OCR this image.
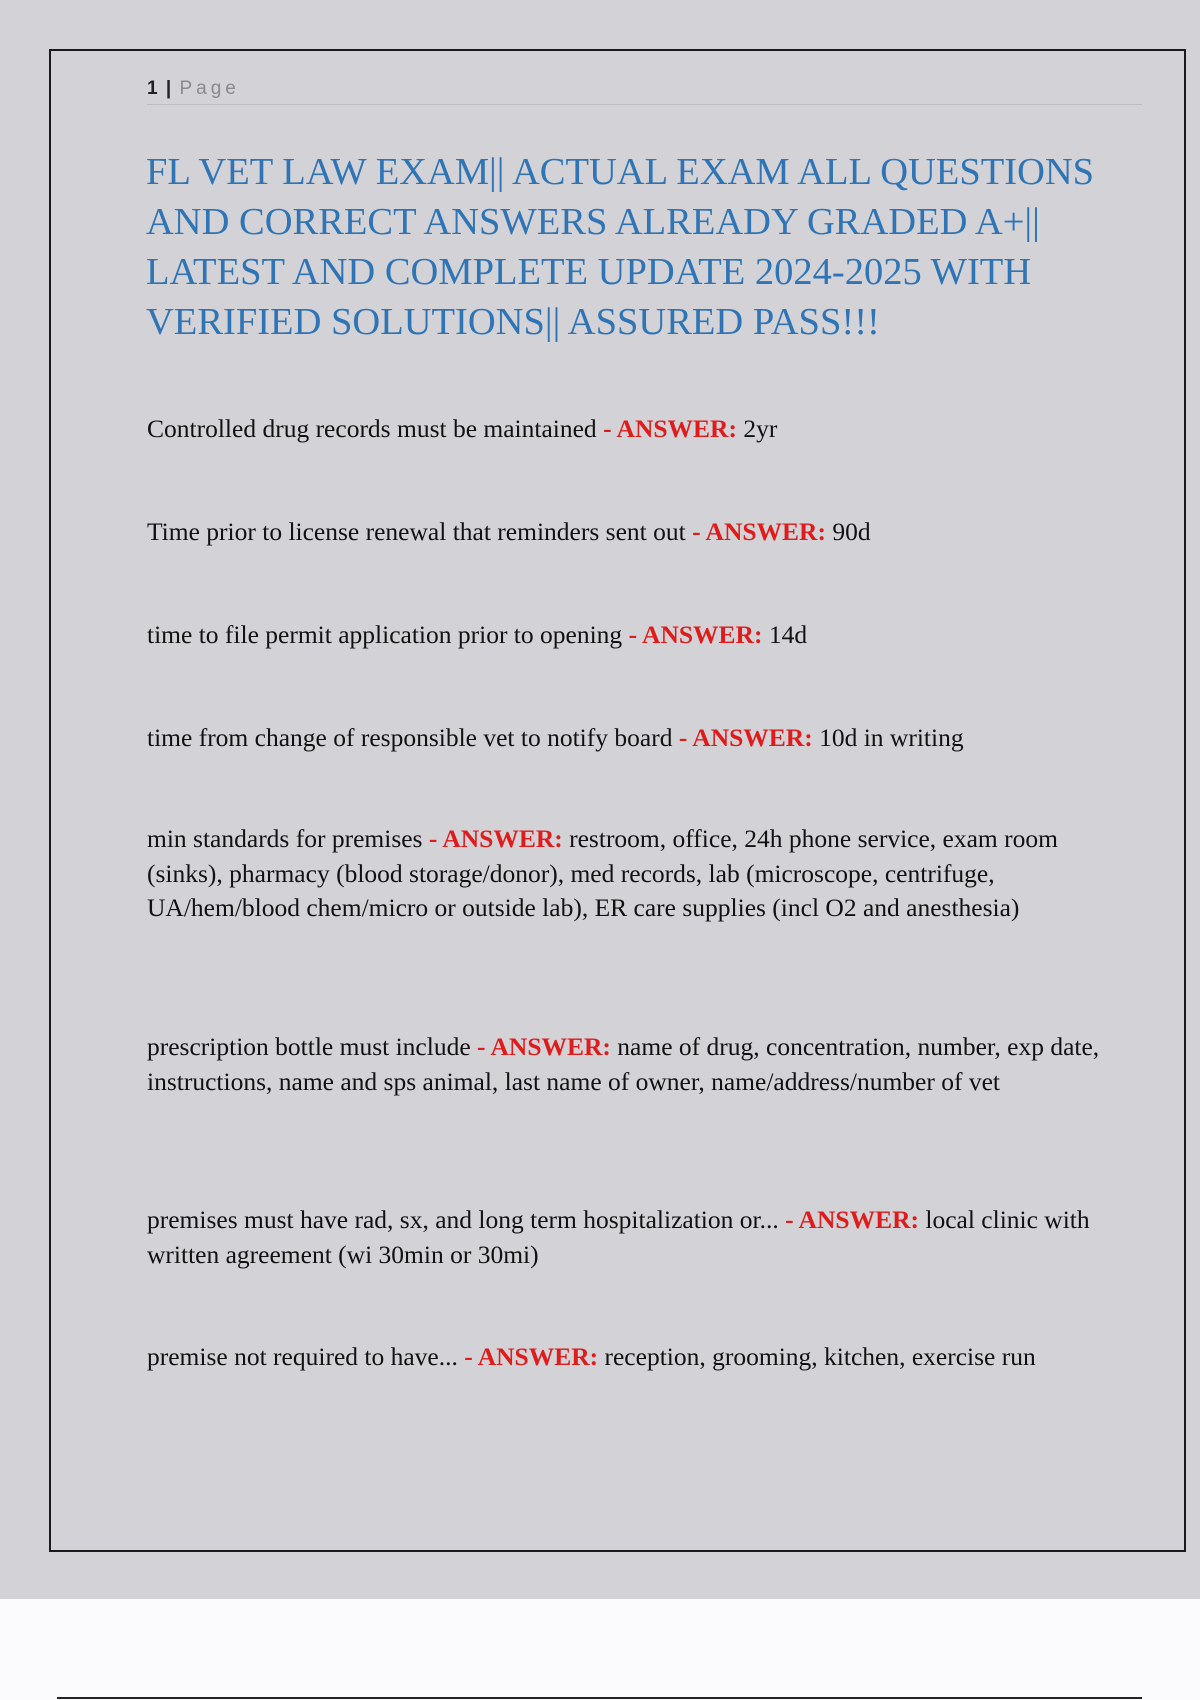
1 | Page
FL VET LAW EXAM|| ACTUAL EXAM ALL QUESTIONS AND CORRECT ANSWERS ALREADY GRADED A+|| LATEST AND COMPLETE UPDATE 2024-2025 WITH VERIFIED SOLUTIONS|| ASSURED PASS!!!

Controlled drug records must be maintained - ANSWER: 2yr

Time prior to license renewal that reminders sent out - ANSWER: 90d

time to file permit application prior to opening - ANSWER: 14d

time from change of responsible vet to notify board - ANSWER: 10d in writing

min standards for premises - ANSWER: restroom, office, 24h phone service, exam room (sinks), pharmacy (blood storage/donor), med records, lab (microscope, centrifuge, UA/hem/blood chem/micro or outside lab), ER care supplies (incl O2 and anesthesia)

prescription bottle must include - ANSWER: name of drug, concentration, number, exp date, instructions, name and sps animal, last name of owner, name/address/number of vet

premises must have rad, sx, and long term hospitalization or... - ANSWER: local clinic with written agreement (wi 30min or 30mi)

premise not required to have... - ANSWER: reception, grooming, kitchen, exercise run
